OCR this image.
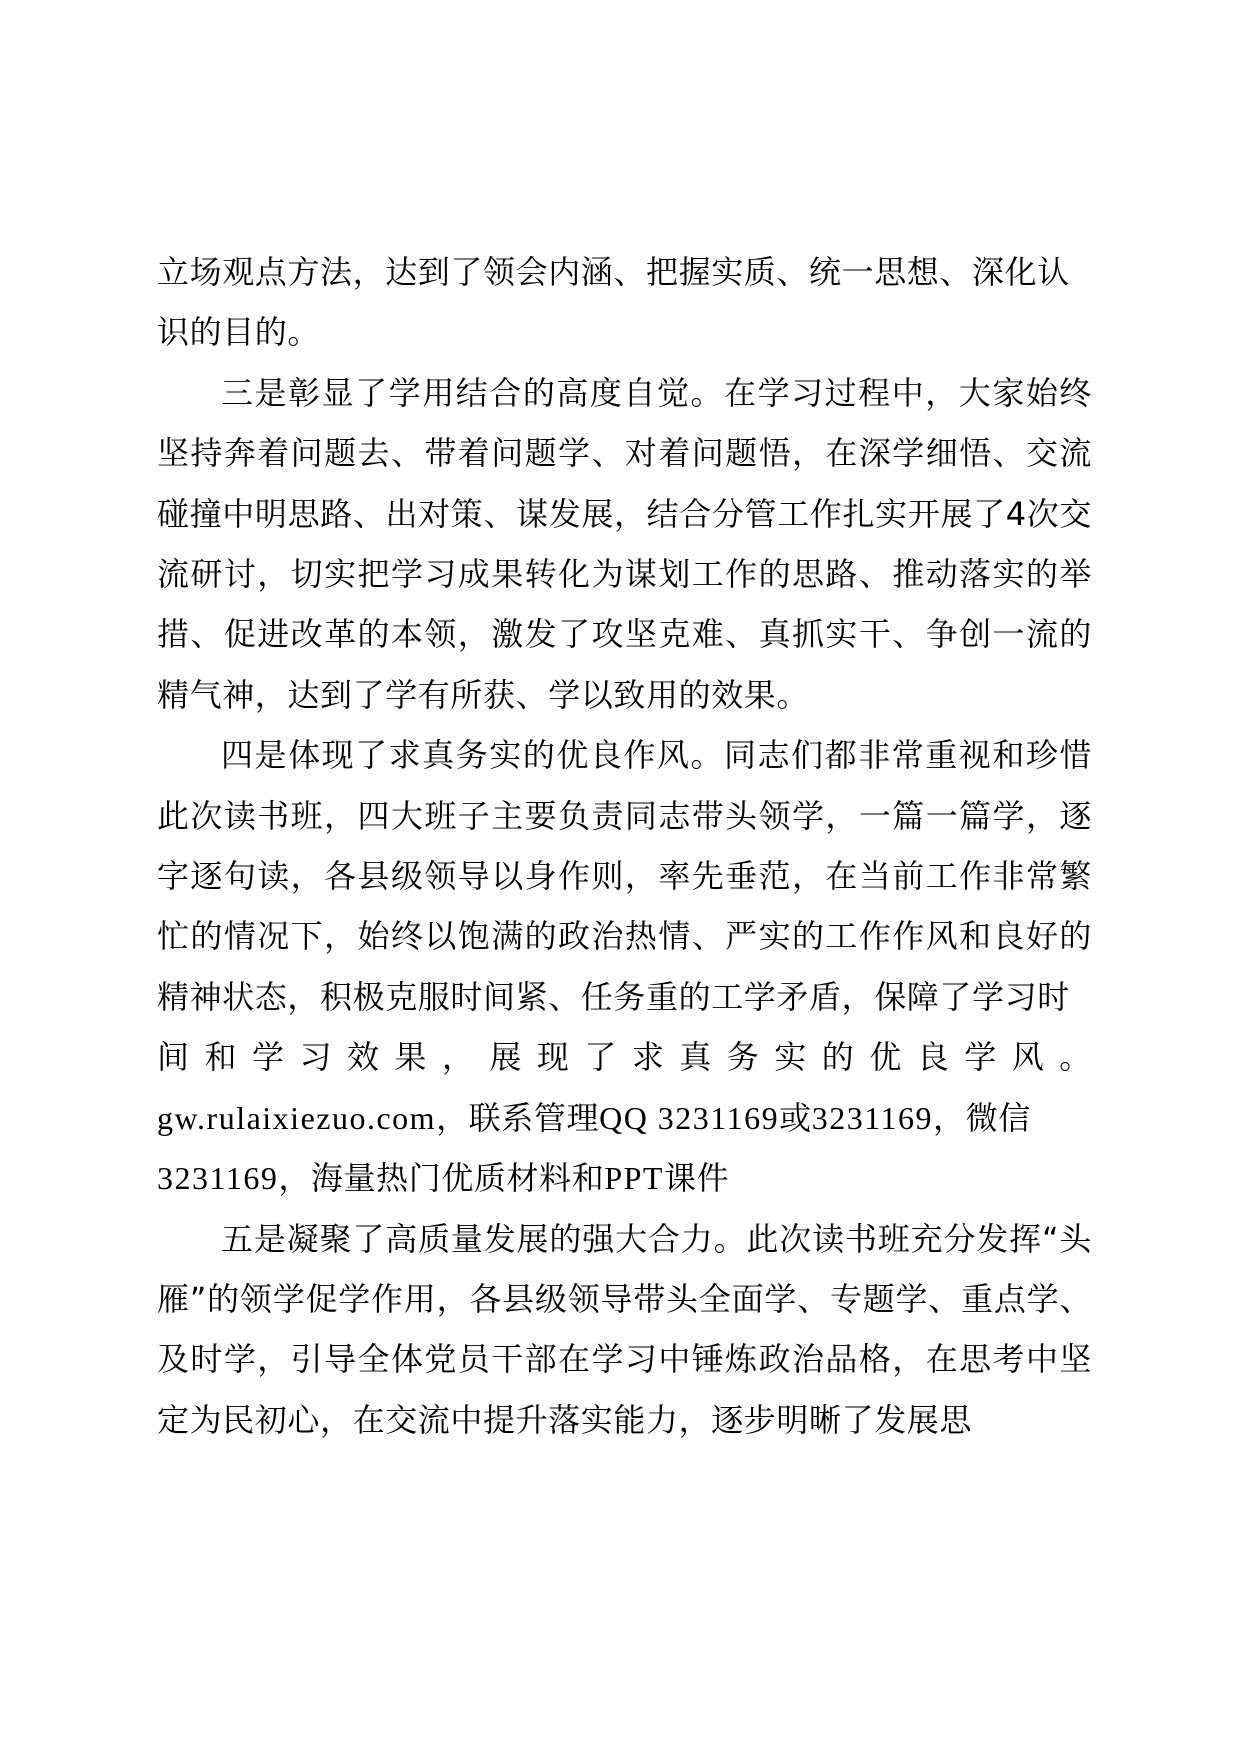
立场观点方法，达到了领会内涵、把握实质、统一思想、深化认

识的目的。

三是彰显了学用结合的高度自觉。在学习过程中，大家始终坚持奔着问题去、带着问题学、对着问题悟，在深学细悟、交流碰撞中明思路、出对策、谋发展，结合分管工作扎实开展了4次交流研讨，切实把学习成果转化为谋划工作的思路、推动落实的举措、促进改革的本领，激发了攻坚克难、真抓实干、争创一流的精气神，达到了学有所获、学以致用的效果。

四是体现了求真务实的优良作风。同志们都非常重视和珍惜此次读书班，四大班子主要负责同志带头领学，一篇一篇学，逐字逐句读，各县级领导以身作则，率先垂范，在当前工作非常繁忙的情况下，始终以饱满的政治热情、严实的工作作风和良好的精神状态，积极克服时间紧、任务重的工学矛盾，保障了学习时

间 和 学 习 效 果 ， 展 现 了 求 真 务 实 的 优 良 学 风 。

gw.rulaixiezuo.com，联系管理QQ 3231169或3231169，微信

3231169，海量热门优质材料和PPT课件

五是凝聚了高质量发展的强大合力。此次读书班充分发挥“头雁”的领学促学作用，各县级领导带头全面学、专题学、重点学、及时学，引导全体党员干部在学习中锤炼政治品格，在思考中坚定为民初心，在交流中提升落实能力，逐步明晰了发展思
